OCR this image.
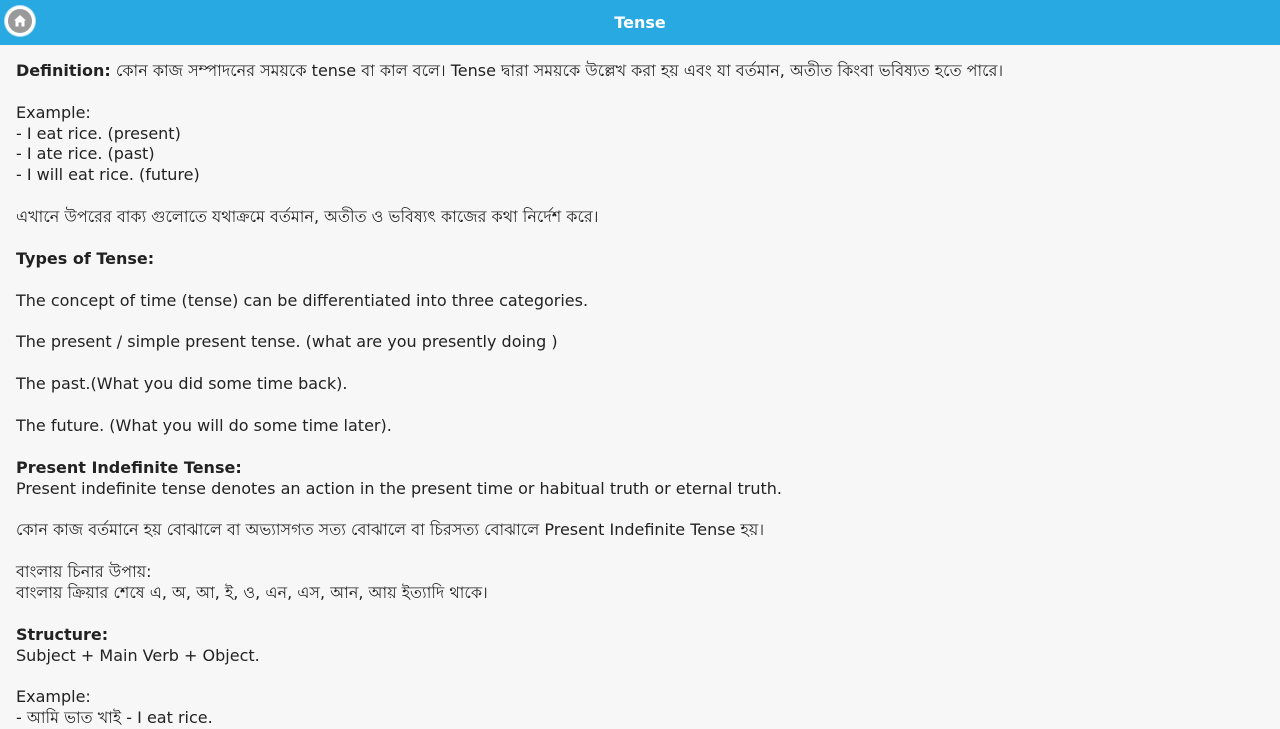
Tense

Definition: কোন কাজ সম্পাদনের সময়কে tense বা কাল বলে। Tense দ্বারা সময়কে উল্লেখ করা হয় এবং যা বর্তমান, অতীত কিংবা ভবিষ্যত হতে পারে।

Example:

- I eat rice. (present)

- I ate rice. (past)

- I will eat rice. (future)

এখানে উপরের বাক্য গুলোতে যথাক্রমে বর্তমান, অতীত ও ভবিষ্যৎ কাজের কথা নির্দেশ করে।

Types of Tense:

The concept of time (tense) can be differentiated into three categories.

The present / simple present tense. (what are you presently doing )

The past.(What you did some time back).

The future. (What you will do some time later).

Present Indefinite Tense:

Present indefinite tense denotes an action in the present time or habitual truth or eternal truth.

কোন কাজ বর্তমানে হয় বোঝালে বা অভ্যাসগত সত্য বোঝালে বা চিরসত্য বোঝালে Present Indefinite Tense হয়।

বাংলায় চিনার উপায়:

বাংলায় ক্রিয়ার শেষে এ, অ, আ, ই, ও, এন, এস, আন, আয় ইত্যাদি থাকে।

Structure:

Subject + Main Verb + Object.

Example:

- আমি ভাত খাই - I eat rice.
